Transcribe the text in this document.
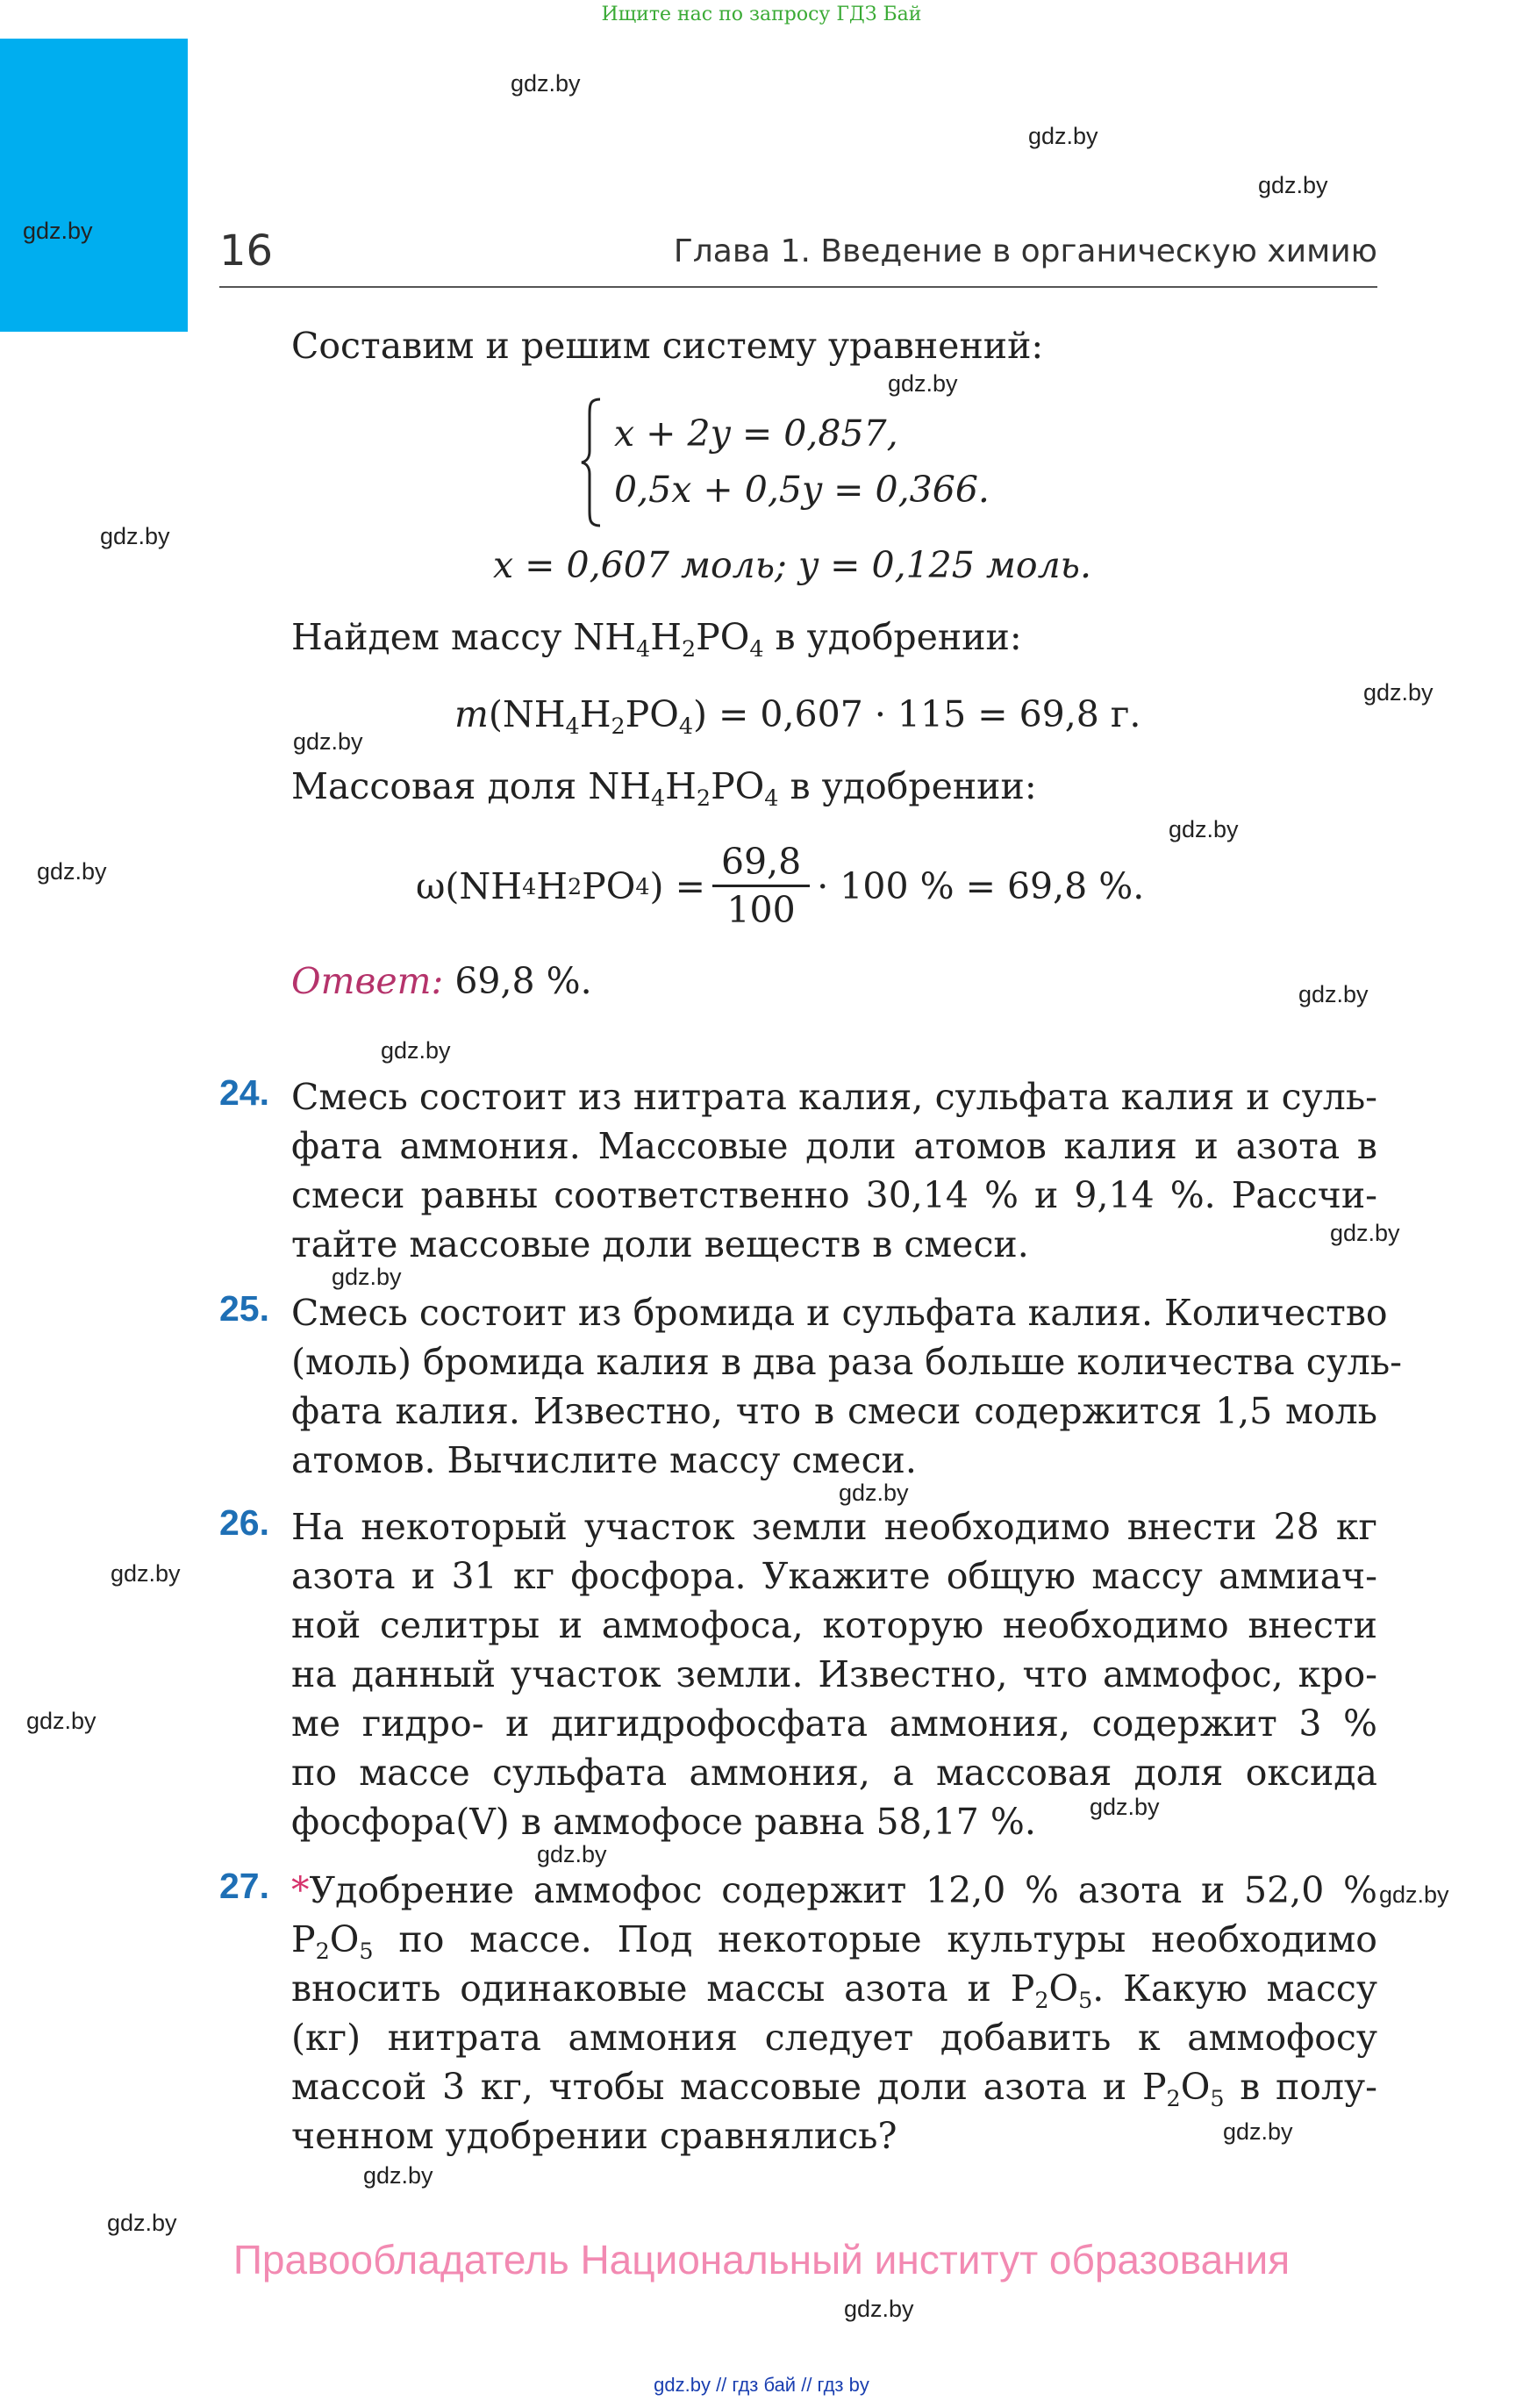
Ищите нас по запросу ГДЗ Бай
gdz.by
gdz.by
gdz.by
gdz.by
gdz.by
gdz.by
gdz.by
gdz.by
gdz.by
gdz.by
gdz.by
gdz.by
gdz.by
gdz.by
gdz.by
gdz.by
gdz.by
gdz.by
gdz.by
gdz.by
gdz.by
gdz.by
gdz.by
gdz.by
16	Глава 1. Введение в органическую химию
Составим и решим систему уравнений:
x + 2y = 0,857,
0,5x + 0,5y = 0,366.
x = 0,607 моль; y = 0,125 моль.
Найдем массу $NH_4H_2PO_4$ в удобрении:
$m(NH_4H_2PO_4) = 0,607 \cdot 115 = 69,8$ г.
Массовая доля $NH_4H_2PO_4$ в удобрении:
ω(NH 4 H 2 PO 4 ) = $\frac{69,8}{100} \cdot 100$ % = 69,8 %.
Ответ: 69,8 %.
24. Смесь состоит из нитрата калия, сульфата калия и суль-
фата аммония. Массовые доли атомов калия и азота в
смеси равны соответственно 30,14 % и 9,14 %. Рассчи-
тайте массовые доли веществ в смеси.
25. Смесь состоит из бромида и сульфата калия. Количество
(моль) бромида калия в два раза больше количества суль-
фата калия. Известно, что в смеси содержится 1,5 моль
атомов. Вычислите массу смеси.
26. На некоторый участок земли необходимо внести 28 кг
азота и 31 кг фосфора. Укажите общую массу аммиач-
ной селитры и аммофоса, которую необходимо внести
на данный участок земли. Известно, что аммофос, кро-
ме гидро- и дигидрофосфата аммония, содержит 3 %
по массе сульфата аммония, а массовая доля оксида
фосфора(V) в аммофосе равна 58,17 %.
27. *Удобрение аммофос содержит 12,0 % азота и 52,0 %
$P_2O_5$ по массе. Под некоторые культуры необходимо
вносить одинаковые массы азота и $P_2O_5$. Какую массу
(кг) нитрата аммония следует добавить к аммофосу
массой 3 кг, чтобы массовые доли азота и $P_2O_5$ в полу-
ченном удобрении сравнялись?
Правообладатель Национальный институт образования
gdz.by // гдз бай // гдз by
